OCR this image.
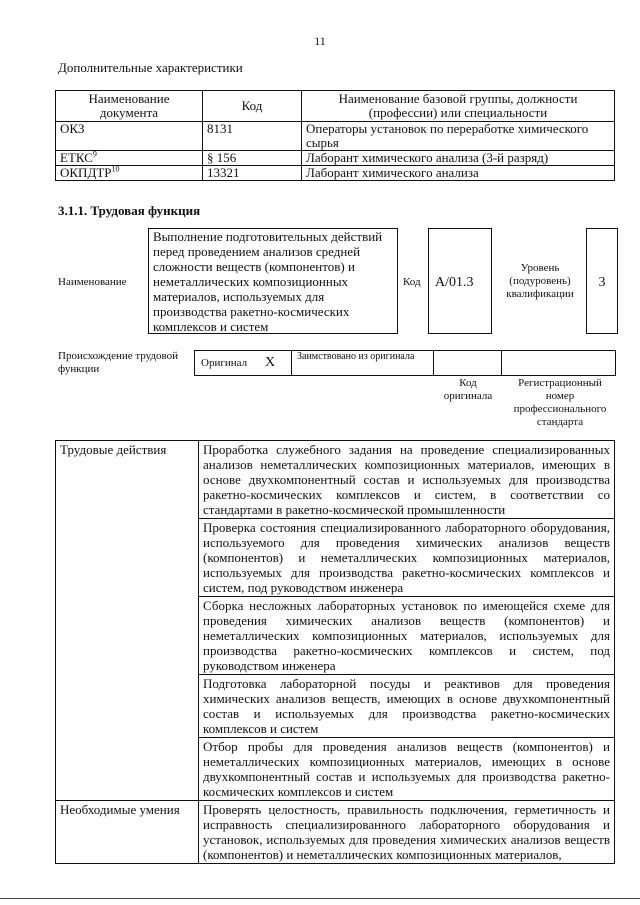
11
Дополнительные характеристики
Наименование документа	Код	Наименование базовой группы, должности (профессии) или специальности
ОКЗ	8131	Операторы установок по переработке химического сырья
ЕТКС$^9$	§ 156	Лаборант химического анализа (3-й разряд)
ОКПДТР$^{10}$	13321	Лаборант химического анализа
3.1.1. Трудовая функция
Наименование
Выполнение подготовительных действий перед проведением анализов средней сложности веществ (компонентов) и неметаллических композиционных материалов, используемых для производства ракетно-космических комплексов и систем
Код	A/01.3
Уровень (подуровень) квалификации
3
Происхождение трудовой функции	Оригинал X Заимствовано из оригинала
Код оригинала
Регистрационный номер профессионального стандарта
Трудовые действия	Проработка служебного задания на проведение специализированных анализов неметаллических композиционных материалов, имеющих в основе двухкомпонентный состав и используемых для производства ракетно-космических комплексов и систем, в соответствии со стандартами в ракетно-космической промышленности
	Проверка состояния специализированного лабораторного оборудования, используемого для проведения химических анализов веществ (компонентов) и неметаллических композиционных материалов, используемых для производства ракетно-космических комплексов и систем, под руководством инженера
	Сборка несложных лабораторных установок по имеющейся схеме для проведения химических анализов веществ (компонентов) и неметаллических композиционных материалов, используемых для производства ракетно-космических комплексов и систем, под руководством инженера
	Подготовка лабораторной посуды и реактивов для проведения химических анализов веществ, имеющих в основе двухкомпонентный состав и используемых для производства ракетно-космических комплексов и систем
	Отбор пробы для проведения анализов веществ (компонентов) и неметаллических композиционных материалов, имеющих в основе двухкомпонентный состав и используемых для производства ракетно-космических комплексов и систем
Необходимые умения	Проверять целостность, правильность подключения, герметичность и исправность специализированного лабораторного оборудования и установок, используемых для проведения химических анализов веществ (компонентов) и неметаллических композиционных материалов,
